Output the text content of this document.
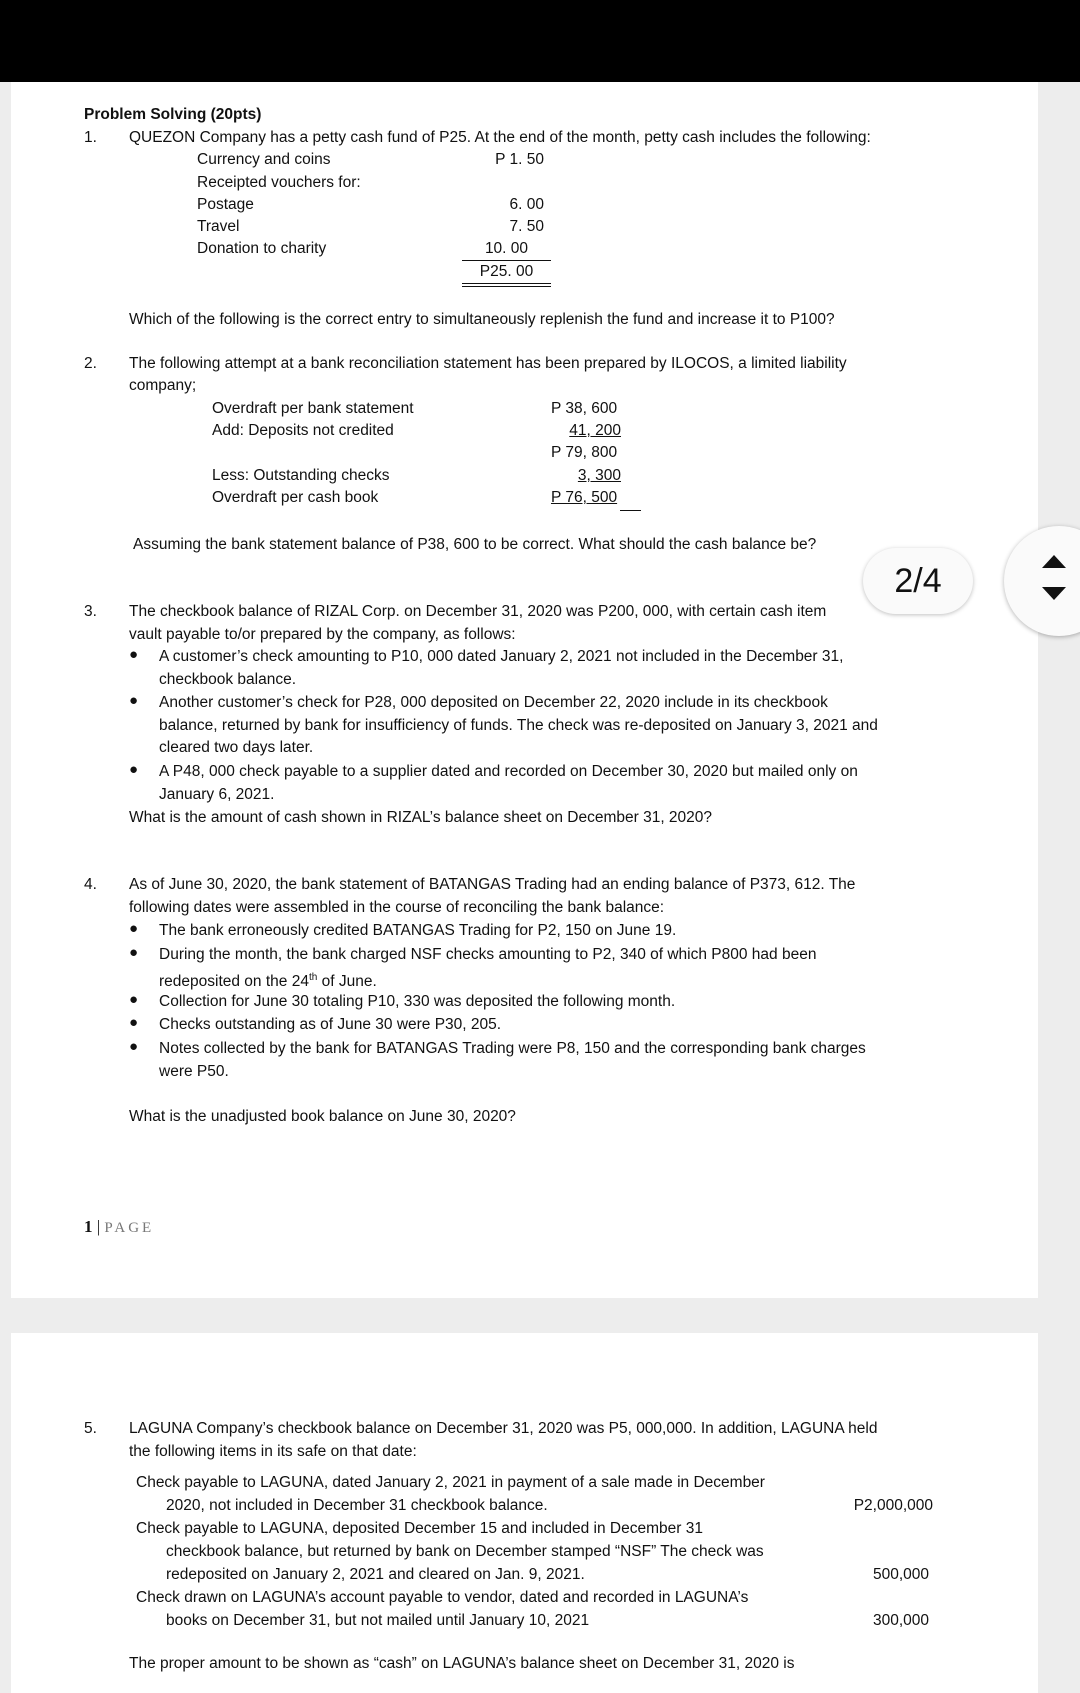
Problem Solving (20pts)
1. QUEZON Company has a petty cash fund of P25. At the end of the month, petty cash includes the following:
Currency and coins	P 1. 50
Receipted vouchers for:
Postage	6. 00
Travel	7. 50
Donation to charity	10. 00
P25. 00
Which of the following is the correct entry to simultaneously replenish the fund and increase it to P100?
2. The following attempt at a bank reconciliation statement has been prepared by ILOCOS, a limited liability
company;
Overdraft per bank statement	P 38, 600
Add: Deposits not credited	41, 200
P 79, 800
Less: Outstanding checks	3, 300
Overdraft per cash book	P 76, 500
Assuming the bank statement balance of P38, 600 to be correct. What should the cash balance be?
2/4
3. The checkbook balance of RIZAL Corp. on December 31, 2020 was P200, 000, with certain cash item
vault payable to/or prepared by the company, as follows:
● A customer’s check amounting to P10, 000 dated January 2, 2021 not included in the December 31,
checkbook balance.
● Another customer’s check for P28, 000 deposited on December 22, 2020 include in its checkbook
balance, returned by bank for insufficiency of funds. The check was re-deposited on January 3, 2021 and
cleared two days later.
● A P48, 000 check payable to a supplier dated and recorded on December 30, 2020 but mailed only on
January 6, 2021.
What is the amount of cash shown in RIZAL’s balance sheet on December 31, 2020?
4. As of June 30, 2020, the bank statement of BATANGAS Trading had an ending balance of P373, 612. The
following dates were assembled in the course of reconciling the bank balance:
● The bank erroneously credited BATANGAS Trading for P2, 150 on June 19.
● During the month, the bank charged NSF checks amounting to P2, 340 of which P800 had been
redeposited on the 24th of June.
● Collection for June 30 totaling P10, 330 was deposited the following month.
● Checks outstanding as of June 30 were P30, 205.
● Notes collected by the bank for BATANGAS Trading were P8, 150 and the corresponding bank charges
were P50.
What is the unadjusted book balance on June 30, 2020?
1 | PAGE
5. LAGUNA Company’s checkbook balance on December 31, 2020 was P5, 000,000. In addition, LAGUNA held
the following items in its safe on that date:
Check payable to LAGUNA, dated January 2, 2021 in payment of a sale made in December
2020, not included in December 31 checkbook balance.	P2,000,000
Check payable to LAGUNA, deposited December 15 and included in December 31
checkbook balance, but returned by bank on December stamped “NSF” The check was
redeposited on January 2, 2021 and cleared on Jan. 9, 2021.	500,000
Check drawn on LAGUNA’s account payable to vendor, dated and recorded in LAGUNA’s
books on December 31, but not mailed until January 10, 2021	300,000
The proper amount to be shown as “cash” on LAGUNA’s balance sheet on December 31, 2020 is
